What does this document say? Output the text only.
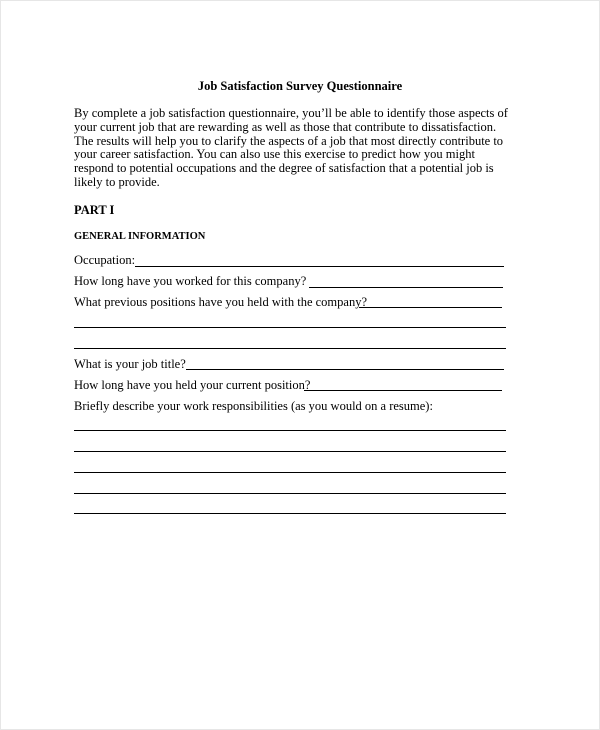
Job Satisfaction Survey Questionnaire

By complete a job satisfaction questionnaire, you’ll be able to identify those aspects of your current job that are rewarding as well as those that contribute to dissatisfaction. The results will help you to clarify the aspects of a job that most directly contribute to your career satisfaction. You can also use this exercise to predict how you might respond to potential occupations and the degree of satisfaction that a potential job is likely to provide.

PART I
GENERAL INFORMATION
Occupation:
How long have you worked for this company?
What previous positions have you held with the company?
What is your job title?
How long have you held your current position?
Briefly describe your work responsibilities (as you would on a resume):
